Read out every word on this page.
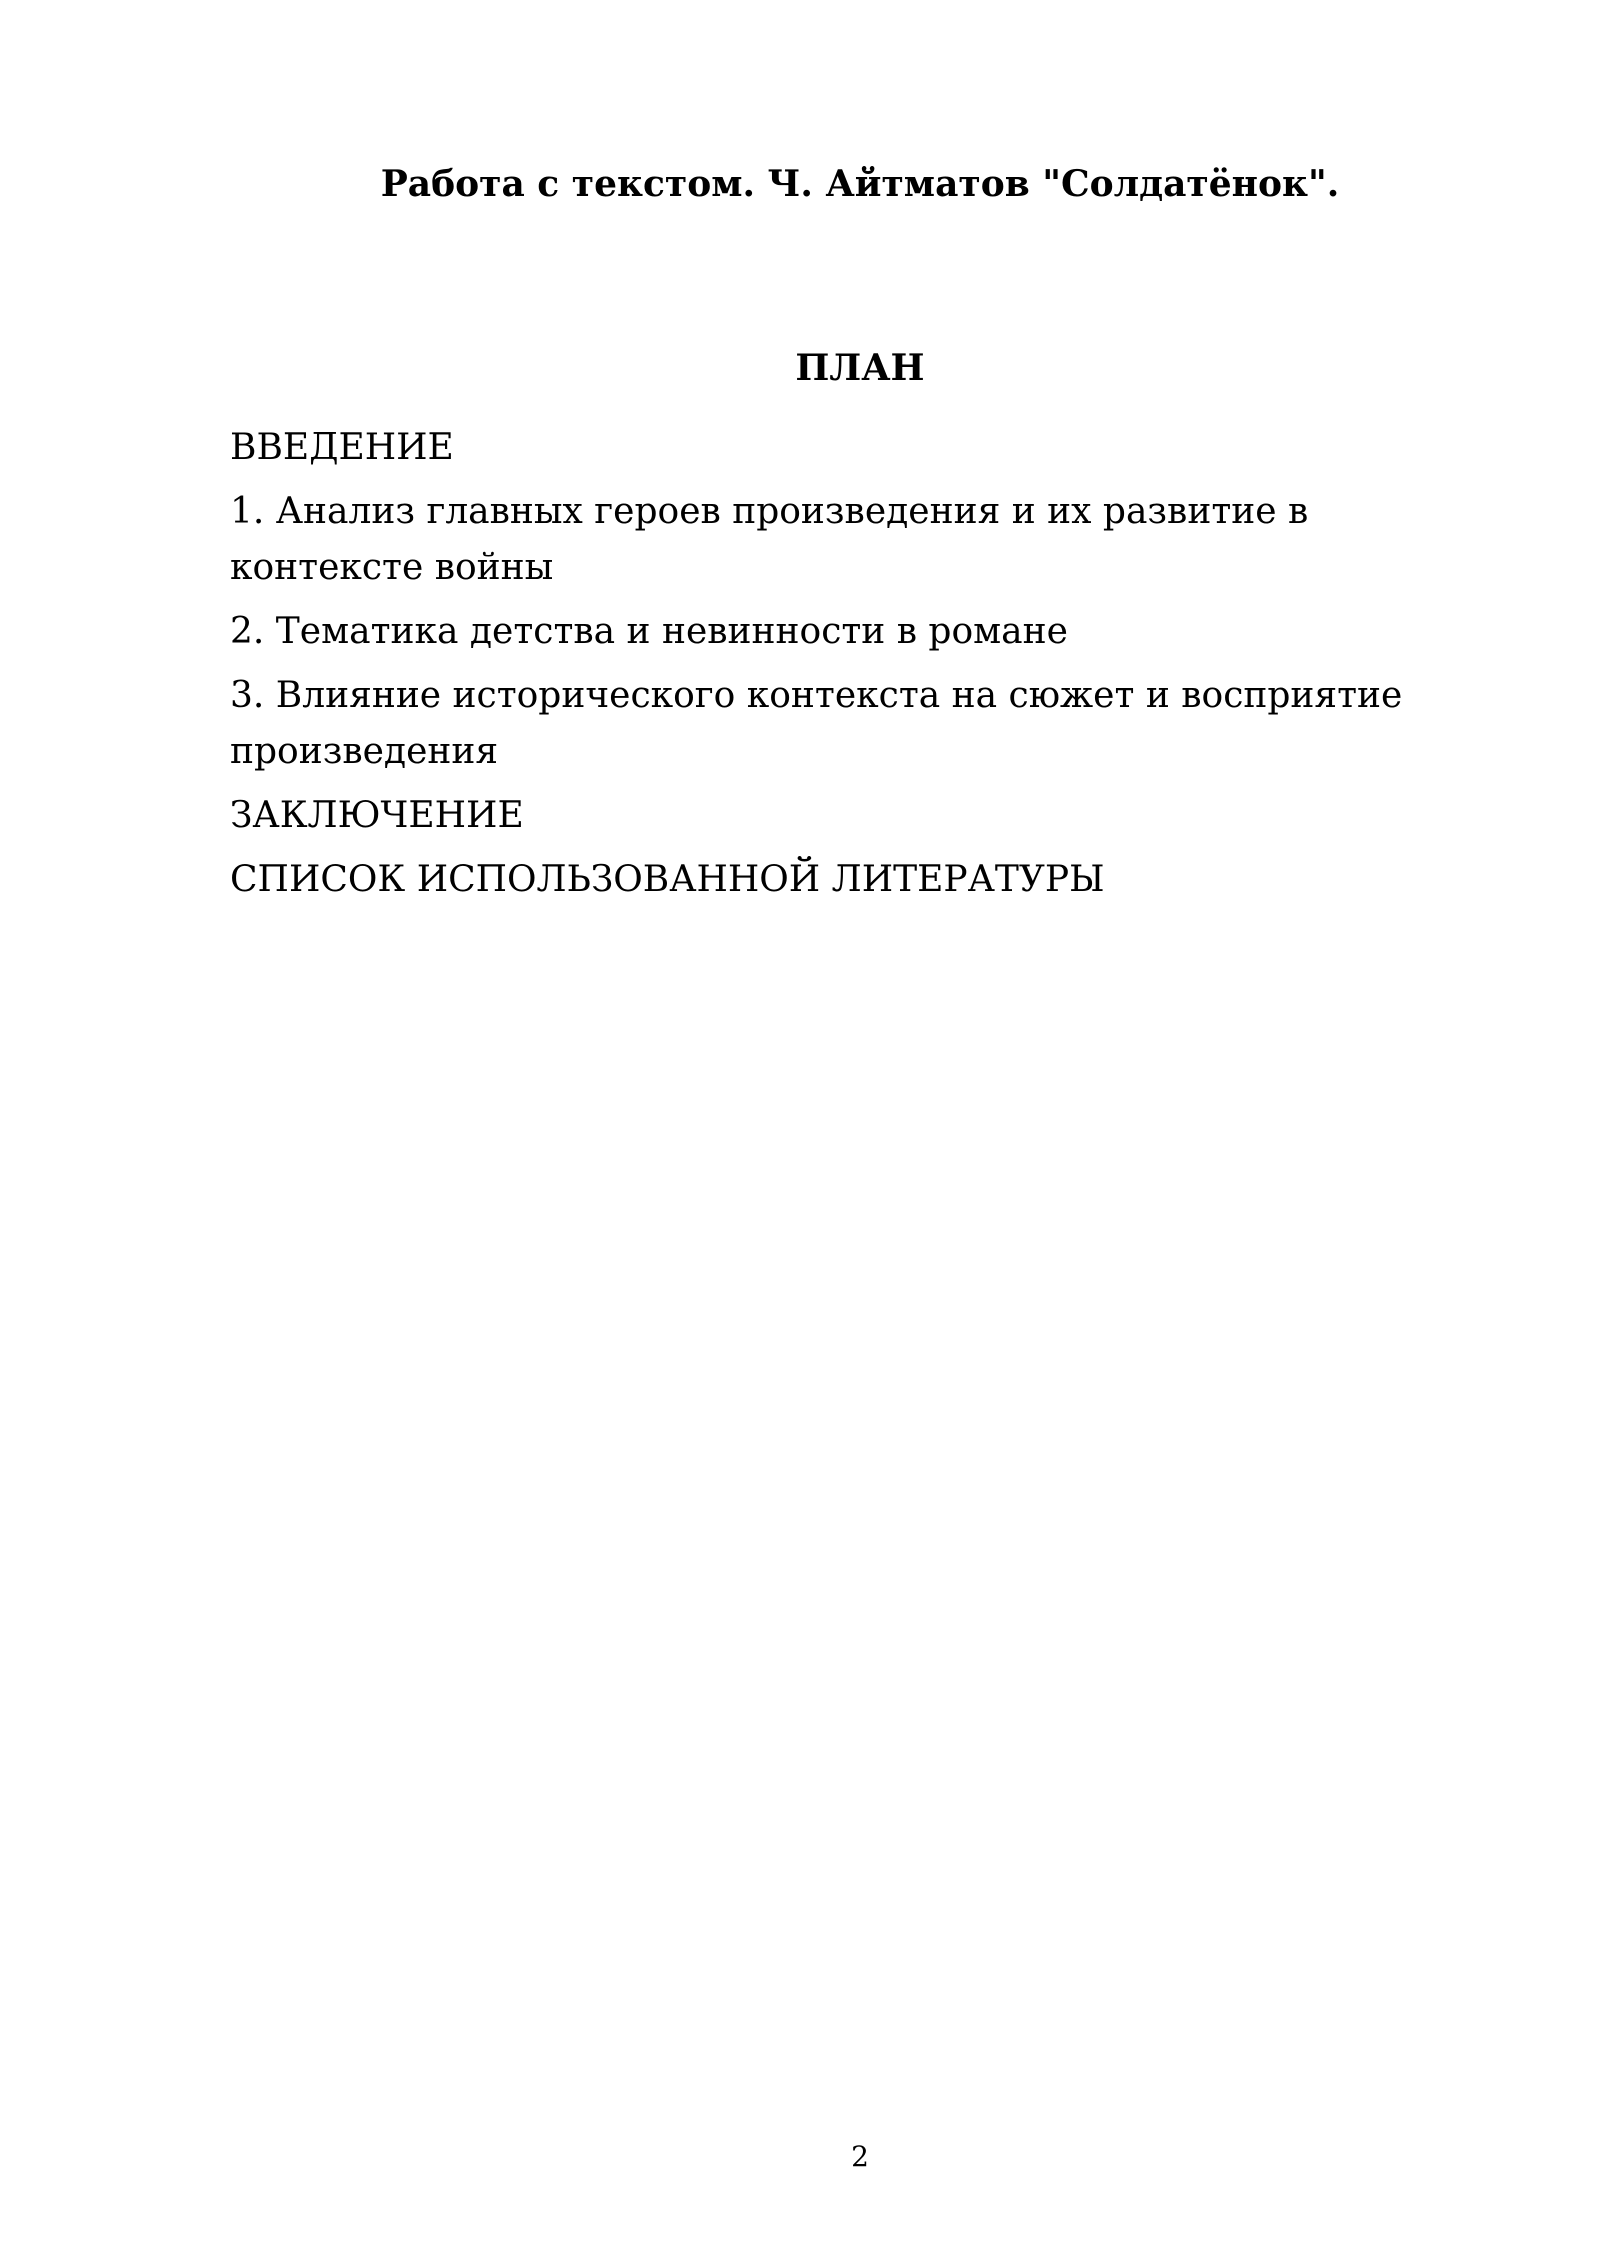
Работа с текстом. Ч. Айтматов "Солдатёнок".
ПЛАН
ВВЕДЕНИЕ
1. Анализ главных героев произведения и их развитие в контексте войны
2. Тематика детства и невинности в романе
3. Влияние исторического контекста на сюжет и восприятие произведения
ЗАКЛЮЧЕНИЕ
СПИСОК ИСПОЛЬЗОВАННОЙ ЛИТЕРАТУРЫ
2
